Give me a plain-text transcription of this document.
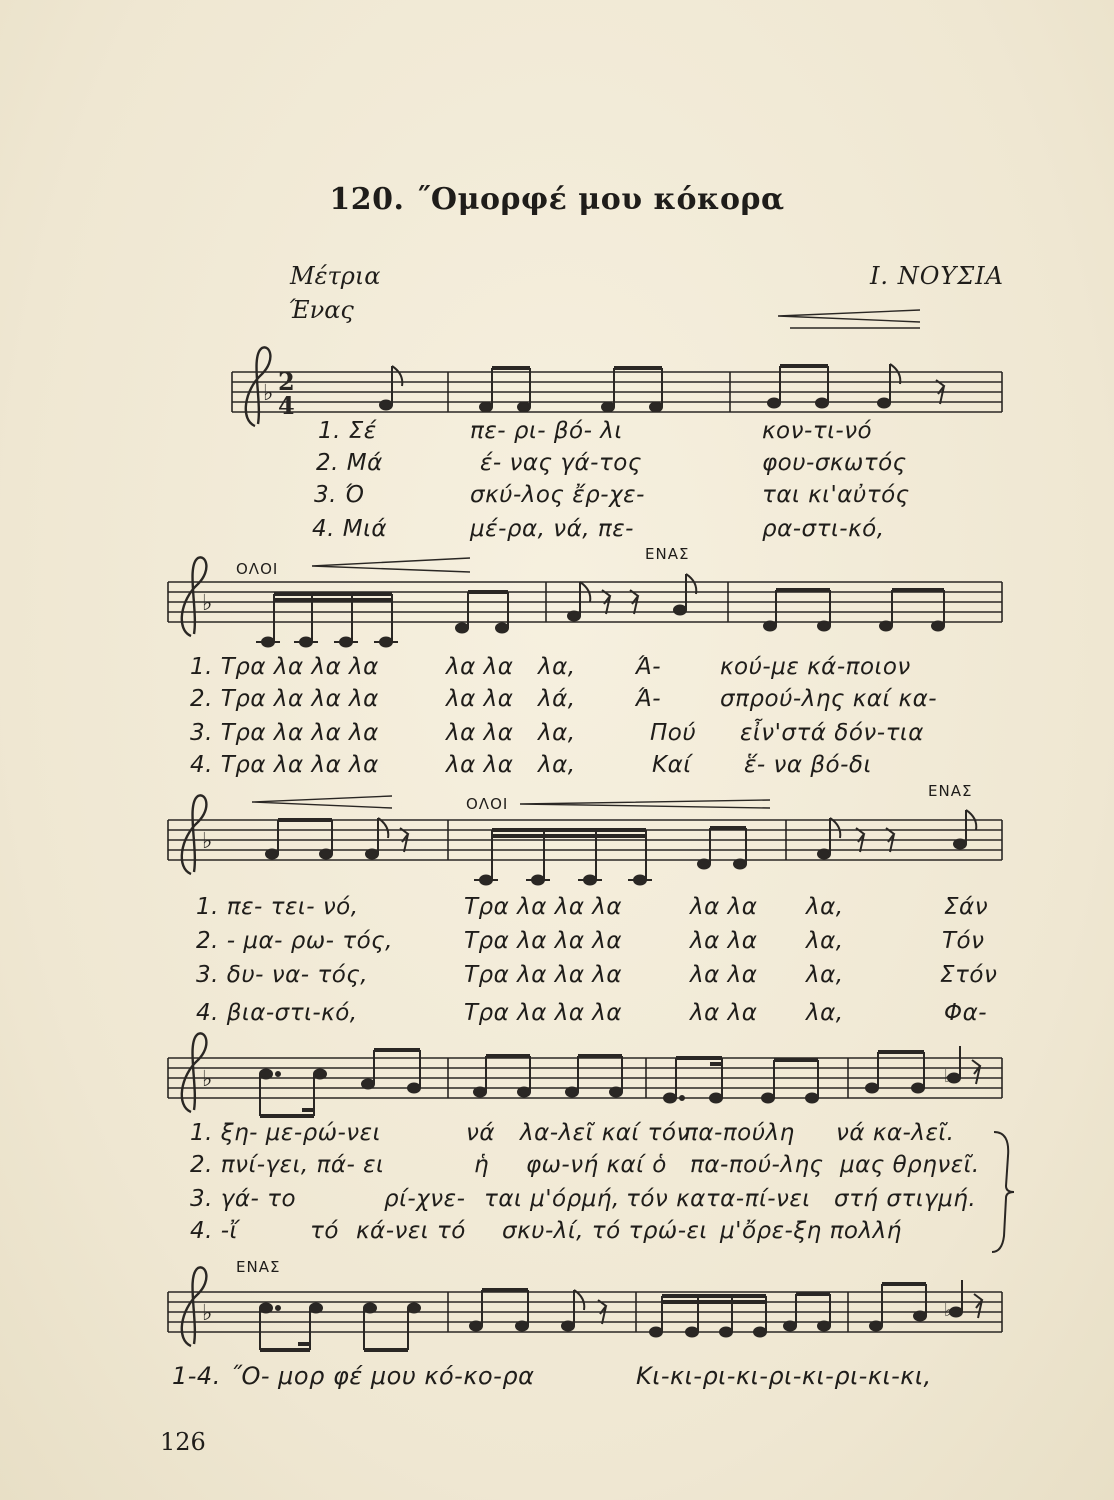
120. ˝Ομορφέ μου κόκορα
Μέτρια	Ι. ΝΟΥΣΙΑ
Ένας
♭ 2
4
1. Σέ	πε- ρι- βό- λι	κον-τι-νό
2. Μά	έ- νας γά-τος	φου-σκωτός
3. Ό	σκύ-λος ἔρ-χε-	ται κι'αὐτός
4. Μιά	μέ-ρα, νά, πε-	ρα-στι-κό,
ΟΛΟΙ
ΕΝΑΣ
♭
1. Τρα λα λα λα	λα λα λα,	Ά-	κού-με κά-ποιον
2. Τρα λα λα λα	λα λα λά,	Ά-	σπρού-λης καί κα-
3. Τρα λα λα λα	λα λα λα,	Πού εἶν'στά δόν-τια
4. Τρα λα λα λα	λα λα λα,	Καί ἕ- να βό-δι
ΟΛΟΙ
ΕΝΑΣ
♭
1. πε- τει- νό,	Τρα λα λα λα	λα λα λα,	Σάν
2. - μα- ρω- τός,	Τρα λα λα λα	λα λα λα,	Τόν
3. δυ- να- τός,	Τρα λα λα λα	λα λα λα,	Στόν
4. βια-στι-κό,	Τρα λα λα λα	λα λα λα,	Φα-
♭	♭
1. ξη- με-ρώ-νει	νά λα-λεῖ καί τόν
πα-πούλη νά κα-λεῖ.
2. πνί-γει, πά- ει	ἡ φω-νή καί ὁ πα-πού-λης μας θρηνεῖ.
3. γά- το	ρί-χνε- ται μ'όρμή, τόν κατα-πί-νει στή στιγμή.
4. -ἴ	τό κά-νει τό σκυ-λί, τό τρώ-ει μ'ὄρε-ξη πολλή
ΕΝΑΣ
♭	♭
1-4. ˝Ο- μορ φέ μου κό-κο-ρα	Κι-κι-ρι-κι-ρι-κι-ρι-κι-κι,
126
